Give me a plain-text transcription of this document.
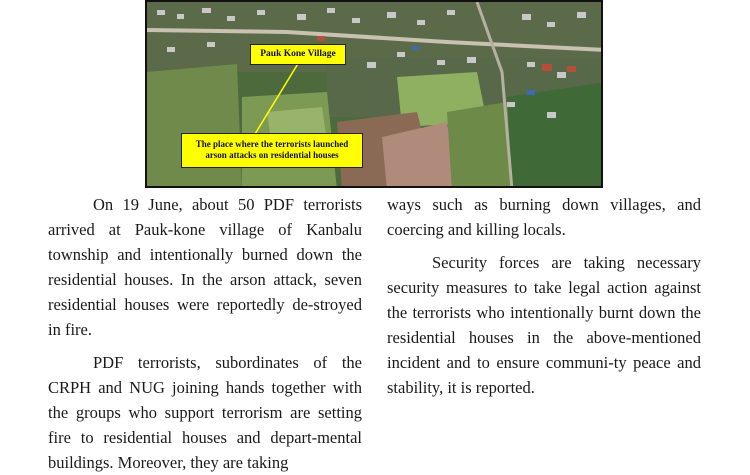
Pauk Kone Village
The place where the terrorists launched
arson attacks on residential houses

On 19 June, about 50 PDF terrorists arrived at Pauk-kone village of Kanbalu township and intentionally burned down the residential houses. In the arson attack, seven residential houses were reportedly de-stroyed in fire.

PDF terrorists, subordinates of the CRPH and NUG joining hands together with the groups who support terrorism are setting fire to residential houses and depart-mental buildings. Moreover, they are taking

ways such as burning down villages, and coercing and killing locals.

Security forces are taking necessary security measures to take legal action against the terrorists who intentionally burnt down the residential houses in the above-mentioned incident and to ensure communi-ty peace and stability, it is reported.
